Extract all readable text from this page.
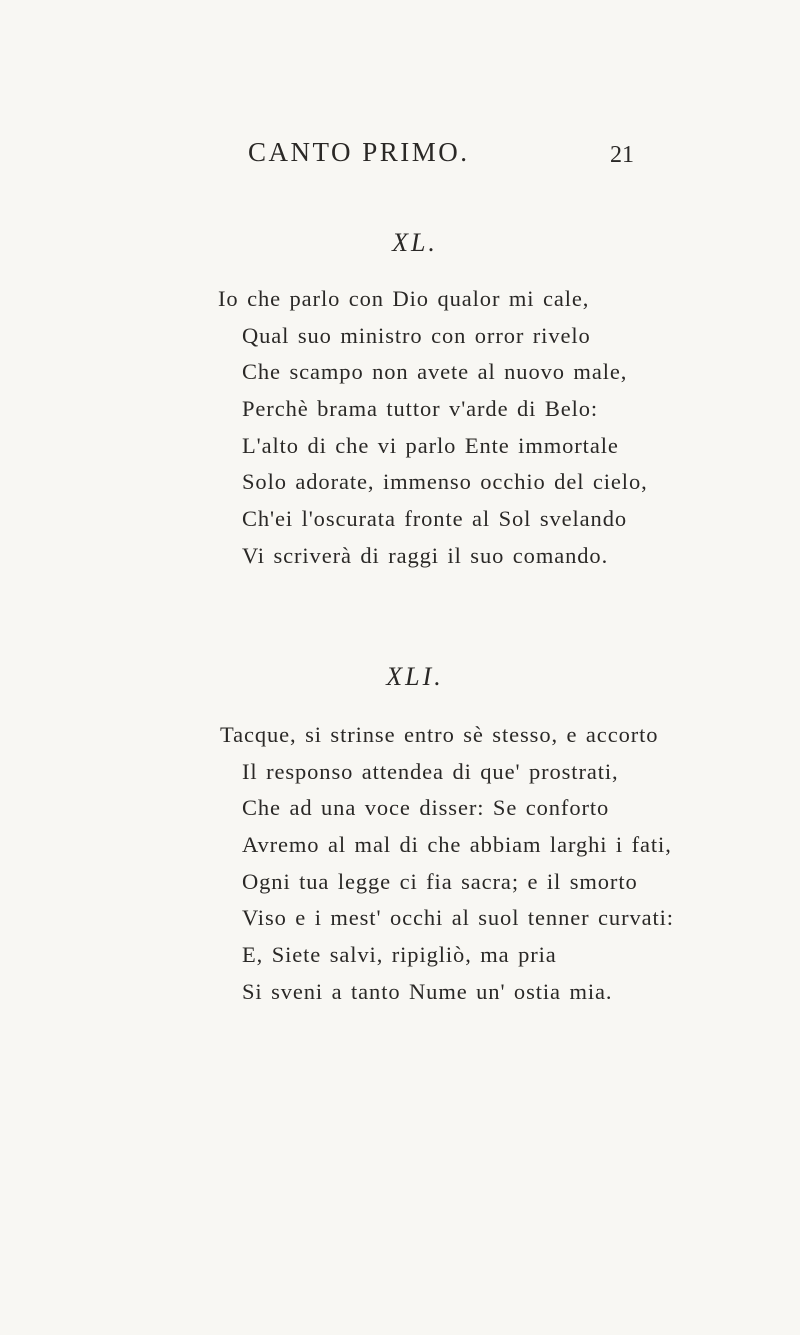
CANTO PRIMO.	21
XL.
Io che parlo con Dio qualor mi cale,
Qual suo ministro con orror rivelo
Che scampo non avete al nuovo male,
Perchè brama tuttor v'arde di Belo:
L'alto di che vi parlo Ente immortale
Solo adorate, immenso occhio del cielo,
Ch'ei l'oscurata fronte al Sol svelando
Vi scriverà di raggi il suo comando.
XLI.
Tacque, si strinse entro sè stesso, e accorto
Il responso attendea di que' prostrati,
Che ad una voce disser: Se conforto
Avremo al mal di che abbiam larghi i fati,
Ogni tua legge ci fia sacra; e il smorto
Viso e i mest' occhi al suol tenner curvati:
E, Siete salvi, ripigliò, ma pria
Si sveni a tanto Nume un' ostia mia.
